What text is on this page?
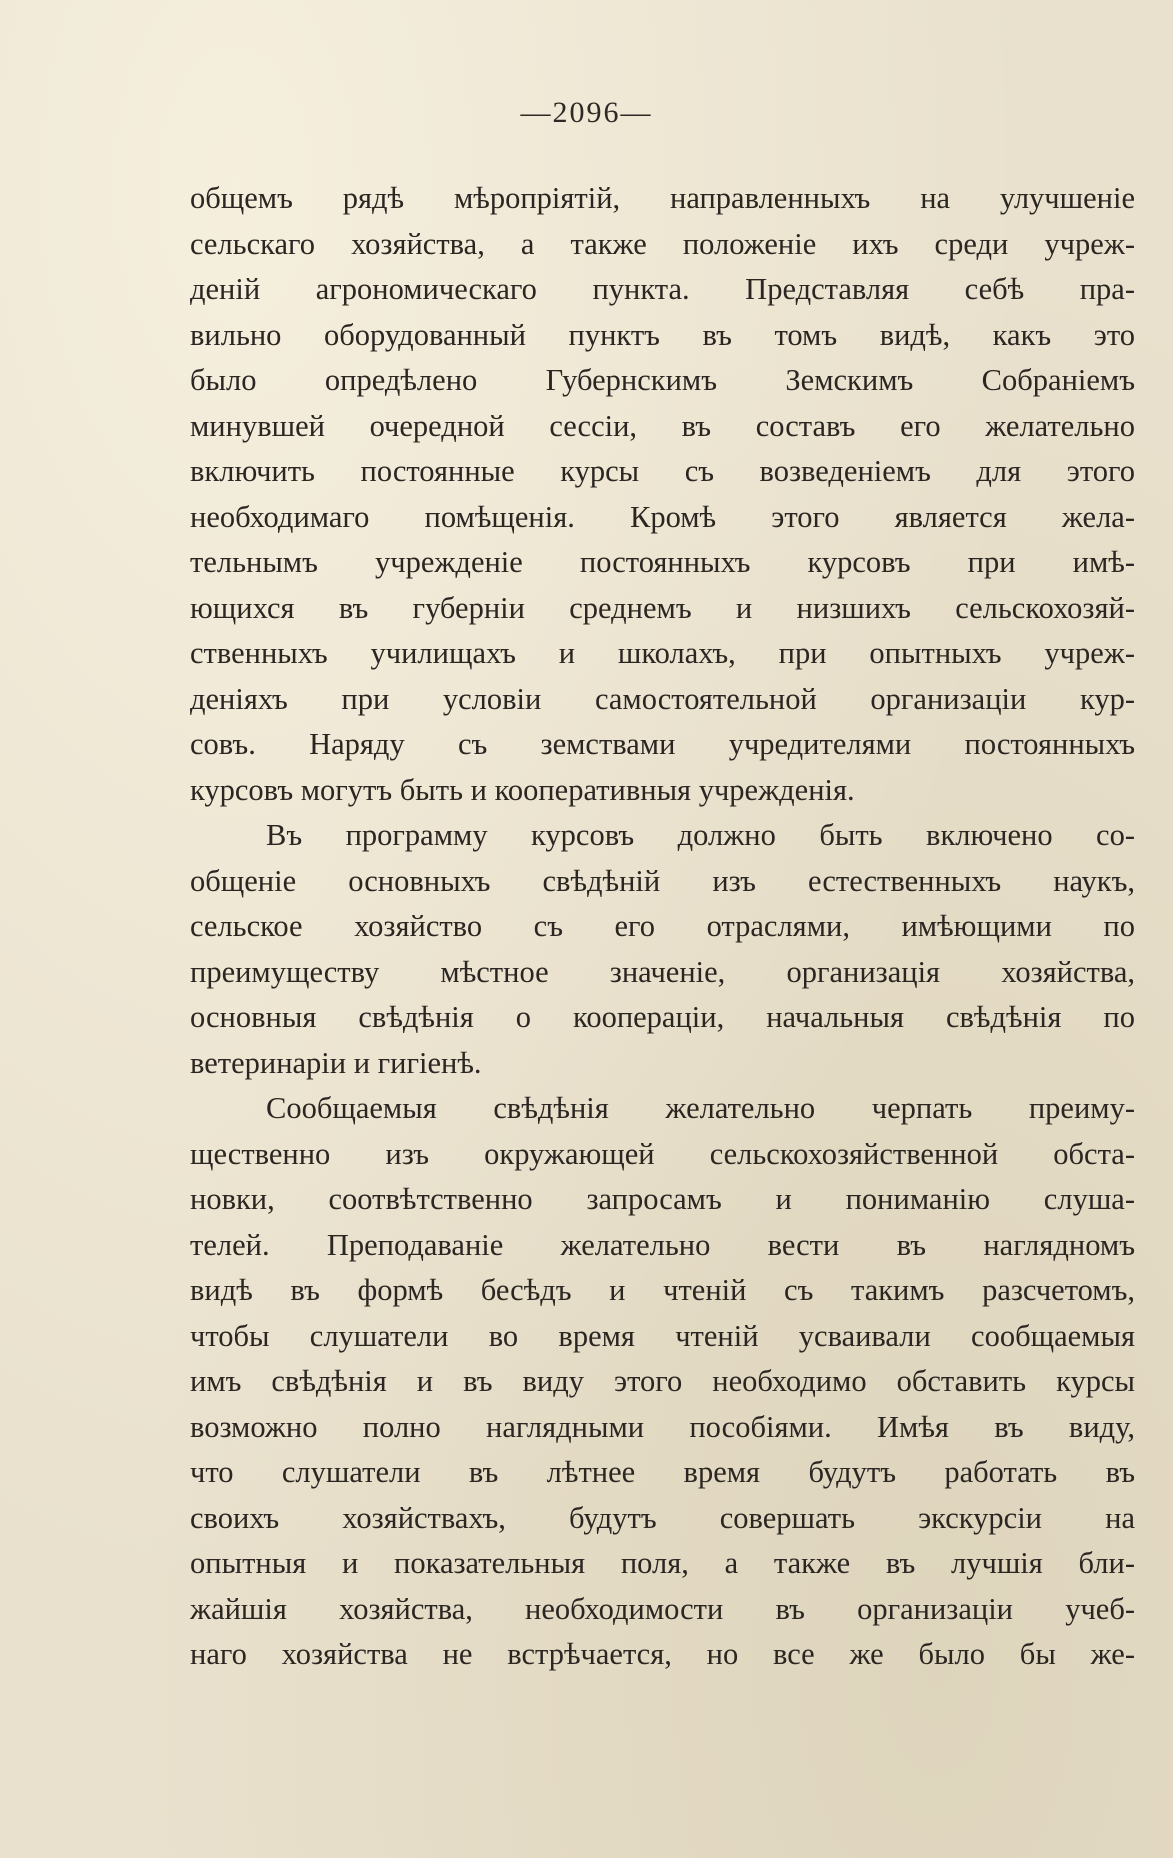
—2096—
общемъ рядѣ мѣропріятій, направленныхъ на улучшеніе
сельскаго хозяйства, а также положеніе ихъ среди учреж-
деній агрономическаго пункта. Представляя себѣ пра-
вильно оборудованный пунктъ въ томъ видѣ, какъ это
было опредѣлено Губернскимъ Земскимъ Собраніемъ
минувшей очередной сессіи, въ составъ его желательно
включить постоянные курсы съ возведеніемъ для этого
необходимаго помѣщенія. Кромѣ этого является жела-
тельнымъ учрежденіе постоянныхъ курсовъ при имѣ-
ющихся въ губерніи среднемъ и низшихъ сельскохозяй-
ственныхъ училищахъ и школахъ, при опытныхъ учреж-
деніяхъ при условіи самостоятельной организаціи кур-
совъ. Наряду съ земствами учредителями постоянныхъ
курсовъ могутъ быть и кооперативныя учрежденія.
Въ программу курсовъ должно быть включено со-
общеніе основныхъ свѣдѣній изъ естественныхъ наукъ,
сельское хозяйство съ его отраслями, имѣющими по
преимуществу мѣстное значеніе, организація хозяйства,
основныя свѣдѣнія о кооперацiи, начальныя свѣдѣнія по
ветеринаріи и гигіенѣ.
Сообщаемыя свѣдѣнія желательно черпать преиму-
щественно изъ окружающей сельскохозяйственной обста-
новки, соотвѣтственно запросамъ и пониманію слуша-
телей. Преподаваніе желательно вести въ наглядномъ
видѣ въ формѣ бесѣдъ и чтеній съ такимъ разсчетомъ,
чтобы слушатели во время чтеній усваивали сообщаемыя
имъ свѣдѣнія и въ виду этого необходимо обставить курсы
возможно полно наглядными пособіями. Имѣя въ виду,
что слушатели въ лѣтнее время будутъ работать въ
своихъ хозяйствахъ, будутъ совершать экскурсіи на
опытныя и показательныя поля, а также въ лучшія бли-
жайшія хозяйства, необходимости въ организаціи учеб-
наго хозяйства не встрѣчается, но все же было бы же-
